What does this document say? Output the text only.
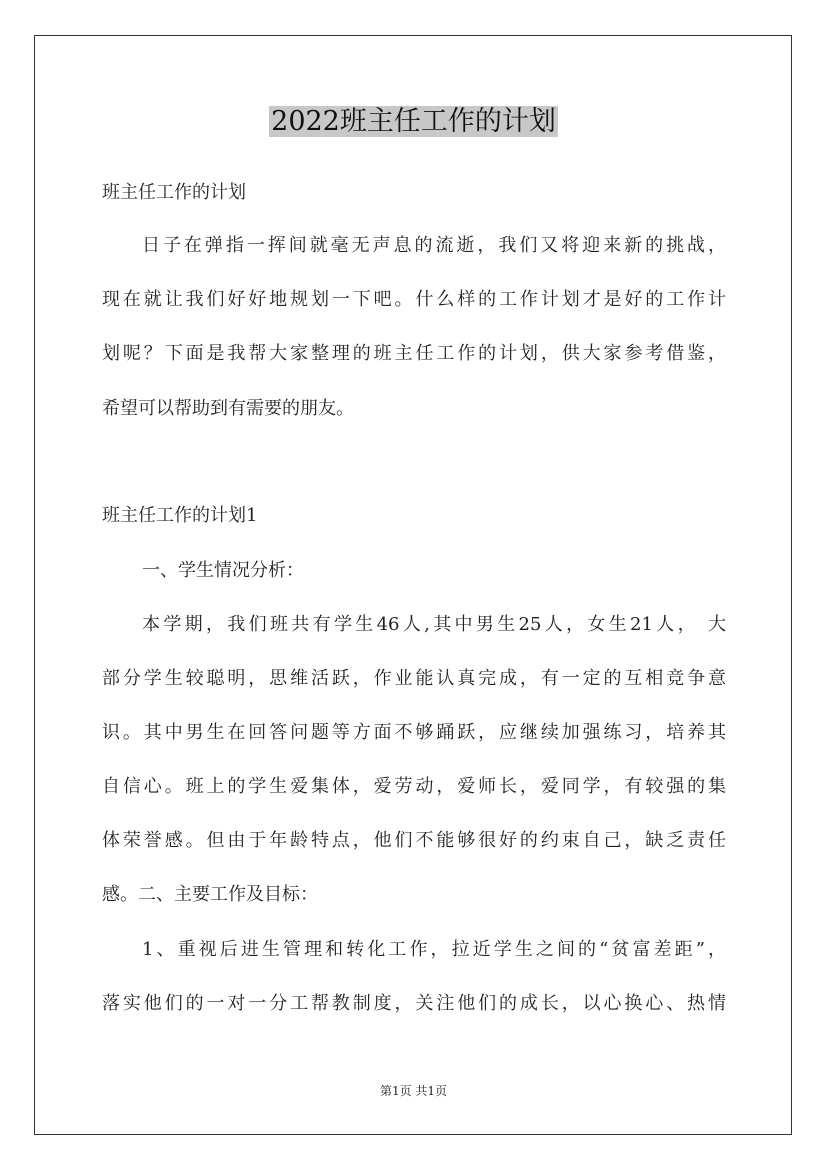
2022班主任工作的计划
班主任工作的计划
日子在弹指一挥间就毫无声息的流逝，我们又将迎来新的挑战，
现在就让我们好好地规划一下吧。什么样的工作计划才是好的工作计
划呢？下面是我帮大家整理的班主任工作的计划，供大家参考借鉴，
希望可以帮助到有需要的朋友。
班主任工作的计划1
一、学生情况分析：
本学期，我们班共有学生46人,其中男生25人，女生21人， 大
部分学生较聪明，思维活跃，作业能认真完成，有一定的互相竞争意
识。其中男生在回答问题等方面不够踊跃，应继续加强练习，培养其
自信心。班上的学生爱集体，爱劳动，爱师长，爱同学，有较强的集
体荣誉感。但由于年龄特点，他们不能够很好的约束自己，缺乏责任
感。二、主要工作及目标：
1、重视后进生管理和转化工作，拉近学生之间的“贫富差距”，
落实他们的一对一分工帮教制度，关注他们的成长，以心换心、热情
第1页 共1页
